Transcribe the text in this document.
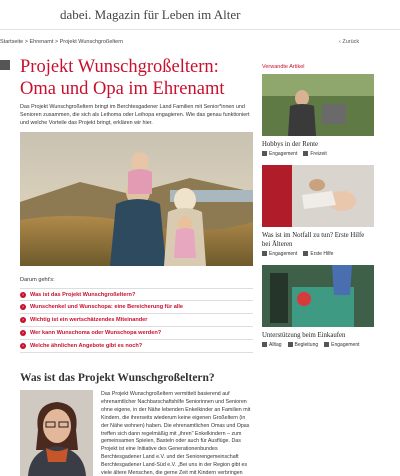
dabei. Magazin für Leben im Alter
Startseite > Ehrenamt > Projekt Wunschgroßeltern	‹ Zurück
Projekt Wunschgroßeltern: Oma und Opa im Ehrenamt

Das Projekt Wunschgroßeltern bringt im Berchtesgadener Land Familien mit Senior*innen und Senioren zusammen, die sich als Leihoma oder Leihopa engagieren. Wie das genau funktioniert und welche Vorteile das Projekt bringt, erklären wir hier.

Darum geht's:
›	Was ist das Projekt Wunschgroßeltern?
›	Wunschenkel und Wunschopa: eine Bereicherung für alle
›	Wichtig ist ein wertschätzendes Miteinander
›	Wer kann Wunschoma oder Wunschopa werden?
›	Welche ähnlichen Angebote gibt es noch?
Was ist das Projekt Wunschgroßeltern?
Das Projekt Wunschgroßeltern vermittelt basierend auf ehrenamtlicher Nachbarschaftshilfe Seniorinnen und Senioren ohne eigene, in der Nähe lebenden Enkelkinder an Familien mit Kindern, die ihrerseits wiederum keine eigenen Großeltern (in der Nähe wohnen) haben. Die ehrenamtlichen Omas und Opas treffen sich dann regelmäßig mit „ihren" Enkelkindern – zum gemeinsamen Spielen, Basteln oder auch für Ausflüge. Das Projekt ist eine Initiative des Generationenbundes Berchtesgadener Land e.V. und der Seniorengemeinschaft Berchtesgadener Land-Süd e.V. „Bei uns in der Region gibt es viele ältere Menschen, die gerne Zeit mit Kindern verbringen
Verwandte Artikel
Hobbys in der Rente
Engagement	Freizeit
Was ist im Notfall zu tun? Erste Hilfe bei Älteren
Engagement	Erste Hilfe
Unterstützung beim Einkaufen
Alltag	Begleitung	Engagement
